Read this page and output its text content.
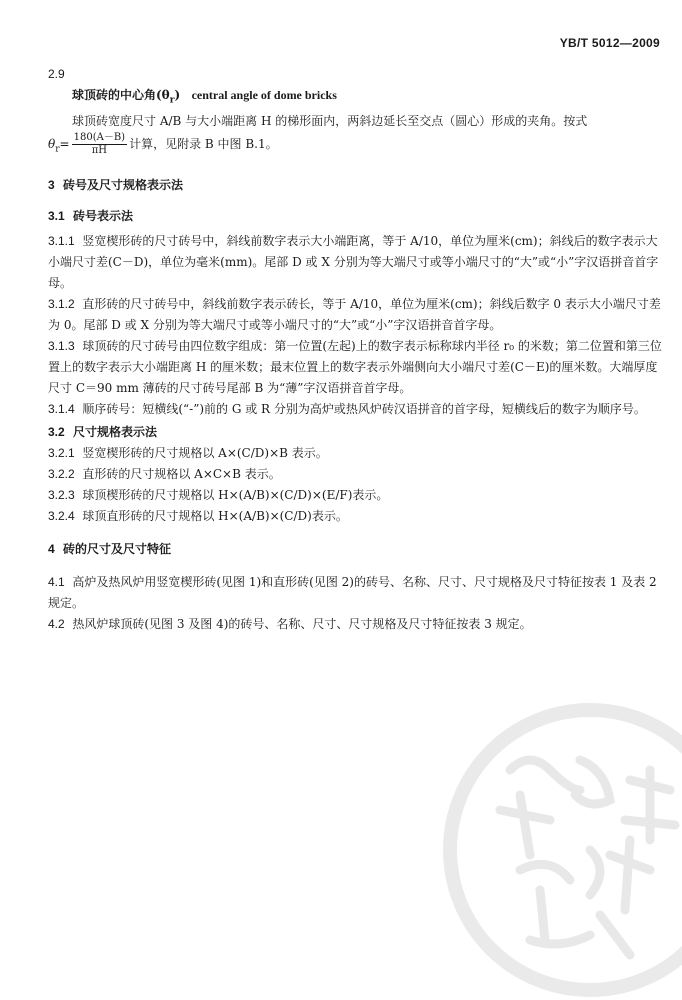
YB/T 5012—2009

2.9

球顶砖的中心角$(\theta_r)$ central angle of dome bricks

球顶砖宽度尺寸 A/B 与大小端距离 H 的梯形面内，两斜边延长至交点（圆心）形成的夹角。按式

$\theta_r= \frac{180(A-B)}{\pi H}$ 计算，见附录 B 中图 B.1。

3 砖号及尺寸规格表示法

3.1 砖号表示法

3.1.1 竖宽楔形砖的尺寸砖号中，斜线前数字表示大小端距离，等于 A/10，单位为厘米(cm)；斜线后的数字表示大小端尺寸差(C－D)，单位为毫米(mm)。尾部 D 或 X 分别为等大端尺寸或等小端尺寸的“大”或“小”字汉语拼音首字母。

3.1.2 直形砖的尺寸砖号中，斜线前数字表示砖长，等于 A/10，单位为厘米(cm)；斜线后数字 0 表示大小端尺寸差为 0。尾部 D 或 X 分别为等大端尺寸或等小端尺寸的“大”或“小”字汉语拼音首字母。

3.1.3 球顶砖的尺寸砖号由四位数字组成：第一位置(左起)上的数字表示标称球内半径 r₀ 的米数；第二位置和第三位置上的数字表示大小端距离 H 的厘米数；最末位置上的数字表示外端侧向大小端尺寸差(C－E)的厘米数。大端厚度尺寸 C＝90 mm 薄砖的尺寸砖号尾部 B 为“薄”字汉语拼音首字母。

3.1.4 顺序砖号：短横线(“-”)前的 G 或 R 分别为高炉或热风炉砖汉语拼音的首字母，短横线后的数字为顺序号。

3.2 尺寸规格表示法

3.2.1 竖宽楔形砖的尺寸规格以 A×(C/D)×B 表示。

3.2.2 直形砖的尺寸规格以 A×C×B 表示。

3.2.3 球顶楔形砖的尺寸规格以 H×(A/B)×(C/D)×(E/F)表示。

3.2.4 球顶直形砖的尺寸规格以 H×(A/B)×(C/D)表示。

4 砖的尺寸及尺寸特征

4.1 高炉及热风炉用竖宽楔形砖(见图 1)和直形砖(见图 2)的砖号、名称、尺寸、尺寸规格及尺寸特征按表 1 及表 2 规定。

4.2 热风炉球顶砖(见图 3 及图 4)的砖号、名称、尺寸、尺寸规格及尺寸特征按表 3 规定。
